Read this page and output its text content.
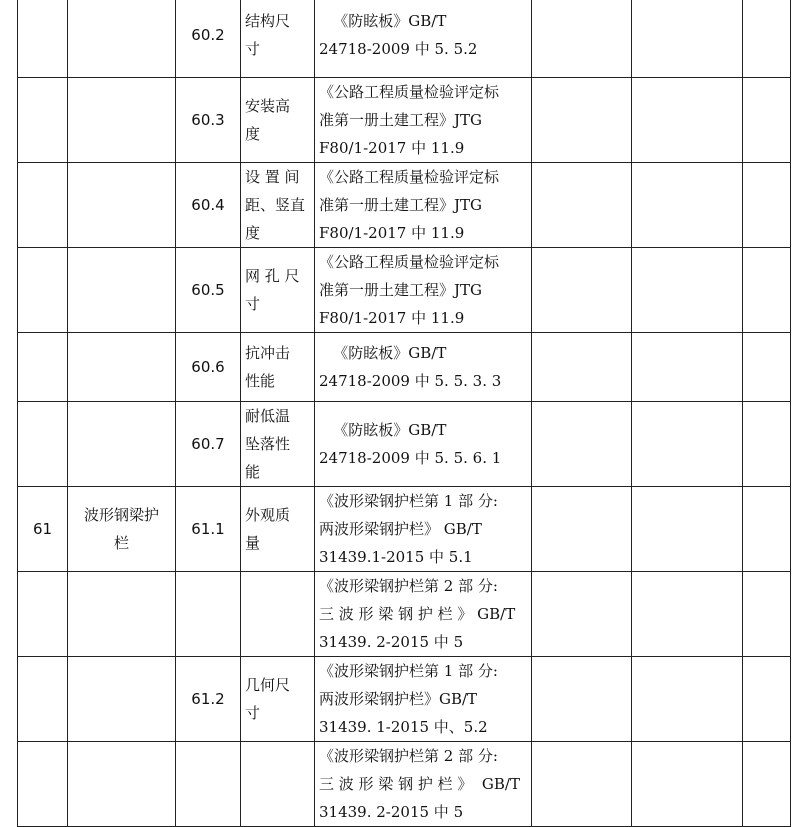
		60.2	结构尺
寸	《防眩板》GB/T
24718-2009 中 5. 5.2			

		60.3	安装高
度	《公路工程质量检验评定标
准第一册土建工程》JTG
F80/1-2017 中 11.9			

		60.4	设 置 间
距、竖直
度	《公路工程质量检验评定标
准第一册土建工程》JTG
F80/1-2017 中 11.9			

		60.5	网 孔 尺
寸	《公路工程质量检验评定标
准第一册土建工程》JTG
F80/1-2017 中 11.9			

		60.6	抗冲击
性能	《防眩板》GB/T
24718-2009 中 5. 5. 3. 3			

		60.7	耐低温
坠落性
能	《防眩板》GB/T
24718-2009 中 5. 5. 6. 1			

61	波形钢梁护
栏	61.1	外观质
量	《波形梁钢护栏第 1 部 分:
两波形梁钢护栏》 GB/T
31439.1-2015 中 5.1			

				《波形梁钢护栏第 2 部 分:
三 波 形 梁 钢 护 栏 》 GB/T
31439. 2-2015 中 5			

		61.2	几何尺
寸	《波形梁钢护栏第 1 部 分:
两波形梁钢护栏》GB/T
31439. 1-2015 中、5.2			

				《波形梁钢护栏第 2 部 分:
三 波 形 梁 钢 护 栏 》  GB/T
31439. 2-2015 中 5			
